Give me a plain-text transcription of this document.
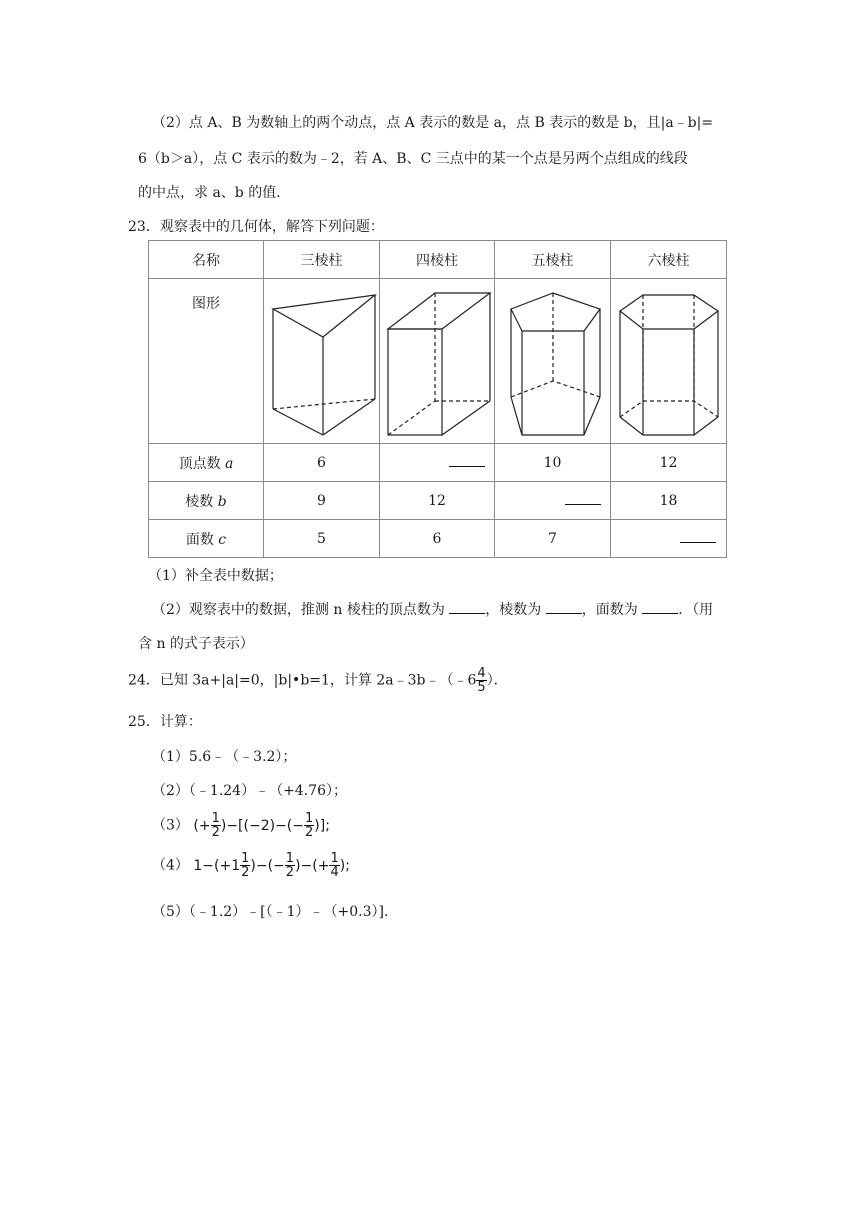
（2）点 A、B 为数轴上的两个动点，点 A 表示的数是 a，点 B 表示的数是 b，且|a﹣b|=
6（b＞a），点 C 表示的数为﹣2，若 A、B、C 三点中的某一个点是另两个点组成的线段
的中点，求 a、b 的值．
23．观察表中的几何体，解答下列问题：
名称	三棱柱	四棱柱	五棱柱	六棱柱

图形

顶点数 a	6		10	12
棱数 b	9	12		18
面数 c	5	6	7	
（1）补全表中数据；
（2）观察表中的数据，推测 n 棱柱的顶点数为	，棱数为	，面数为	．（用
含 n 的式子表示）
24．已知 3a+|a|=0，|b|•b=1，计算 2a﹣3b﹣（﹣6 $\frac{4}{5}$ ）．
25．计算：
（1）5.6﹣（﹣3.2）；
（2）（﹣1.24）﹣（+4.76）；
（3） (+ $\frac{1}{2} )-[(-2)-(- \frac{1}{2}$ )];
（4） $1-(+1 \frac{1}{2}$ )−(− $\frac{1}{2}$ )−(+ $\frac{1}{4}$ );
（5）（﹣1.2）﹣[（﹣1）﹣（+0.3）]．
